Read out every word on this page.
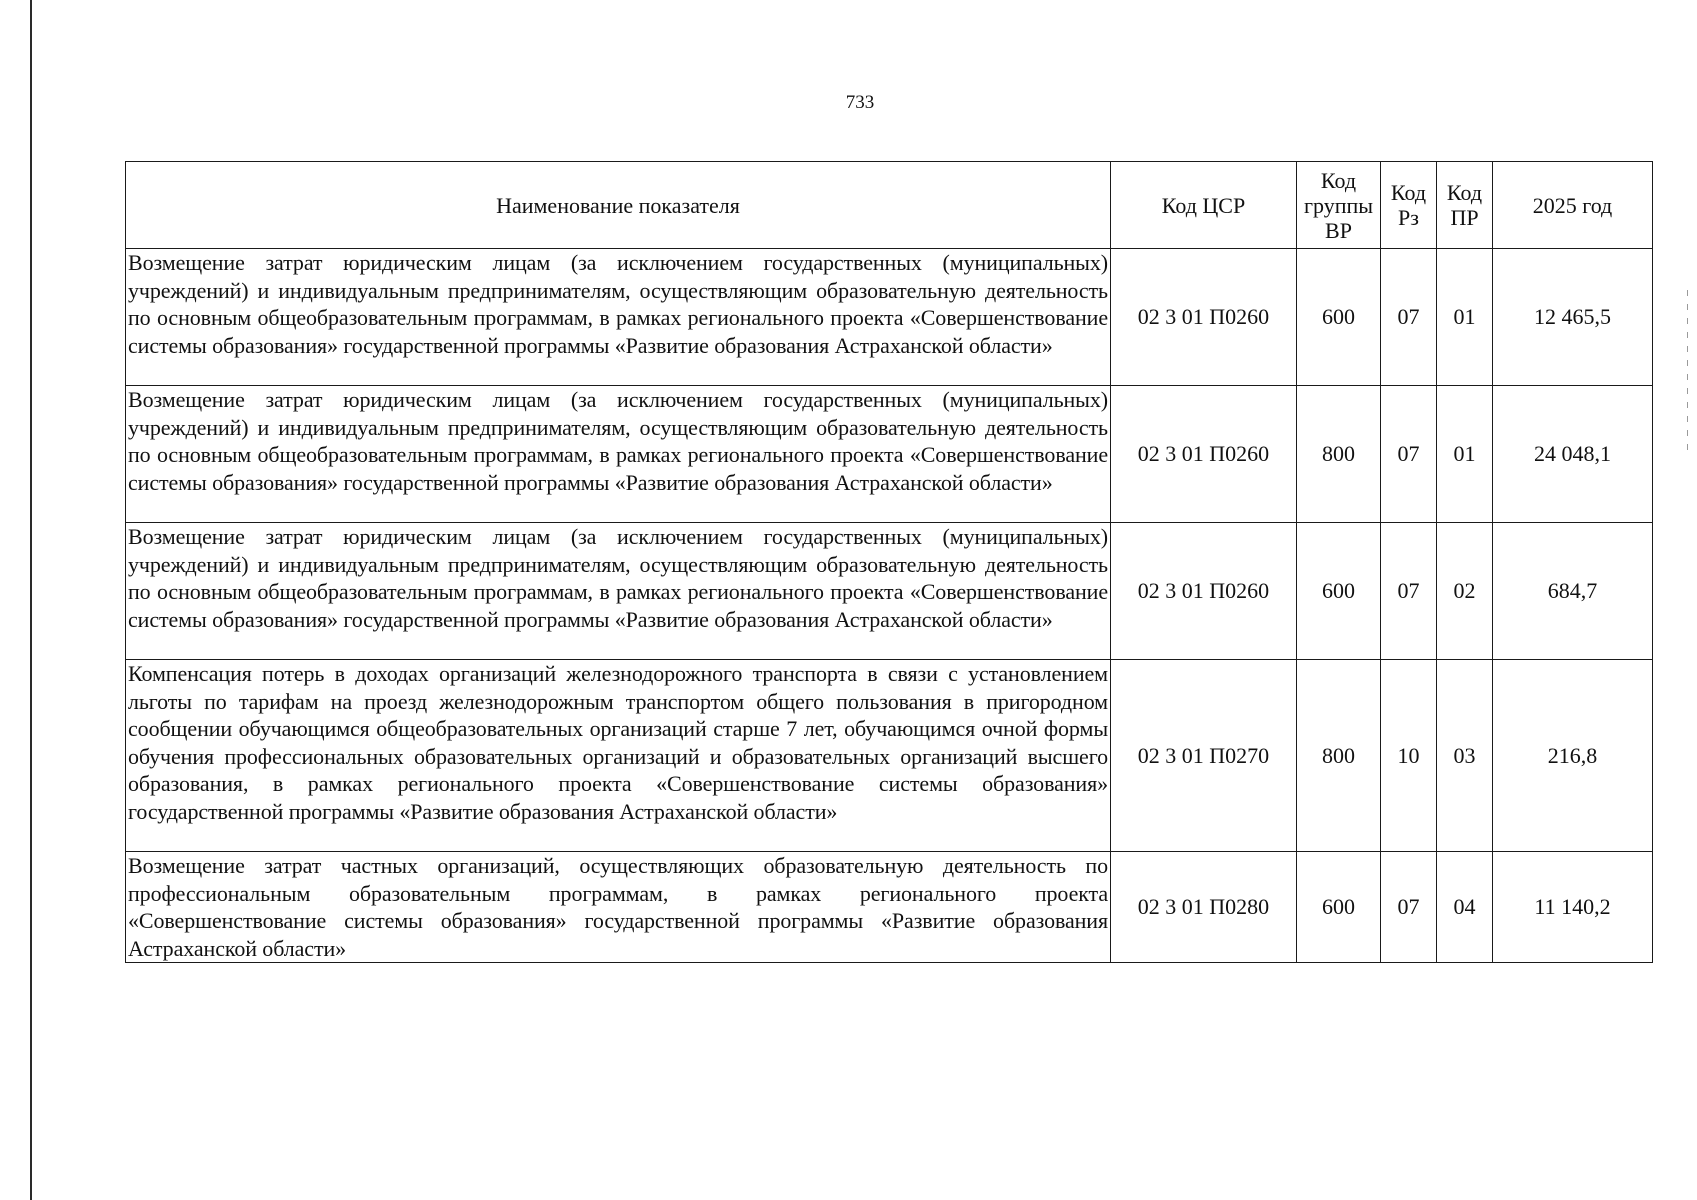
733
Наименование показателя	Код ЦСР	Код группы ВР	Код Рз	Код ПР	2025 год
Возмещение затрат юридическим лицам (за исключением государственных (муниципальных) учреждений) и индивидуальным предпринимателям, осуществляющим образовательную деятельность по основным общеобразовательным программам, в рамках регионального проекта «Совершенствование системы образования» государственной программы «Развитие образования Астраханской области»	02 3 01 П0260	600	07	01	12 465,5
Возмещение затрат юридическим лицам (за исключением государственных (муниципальных) учреждений) и индивидуальным предпринимателям, осуществляющим образовательную деятельность по основным общеобразовательным программам, в рамках регионального проекта «Совершенствование системы образования» государственной программы «Развитие образования Астраханской области»	02 3 01 П0260	800	07	01	24 048,1
Возмещение затрат юридическим лицам (за исключением государственных (муниципальных) учреждений) и индивидуальным предпринимателям, осуществляющим образовательную деятельность по основным общеобразовательным программам, в рамках регионального проекта «Совершенствование системы образования» государственной программы «Развитие образования Астраханской области»	02 3 01 П0260	600	07	02	684,7
Компенсация потерь в доходах организаций железнодорожного транспорта в связи с установлением льготы по тарифам на проезд железнодорожным транспортом общего пользования в пригородном сообщении обучающимся общеобразовательных организаций старше 7 лет, обучающимся очной формы обучения профессиональных образовательных организаций и образовательных организаций высшего образования, в рамках регионального проекта «Совершенствование системы образования» государственной программы «Развитие образования Астраханской области»	02 3 01 П0270	800	10	03	216,8
Возмещение затрат частных организаций, осуществляющих образовательную деятельность по профессиональным образовательным программам, в рамках регионального проекта «Совершенствование системы образования» государственной программы «Развитие образования Астраханской области»	02 3 01 П0280	600	07	04	11 140,2
